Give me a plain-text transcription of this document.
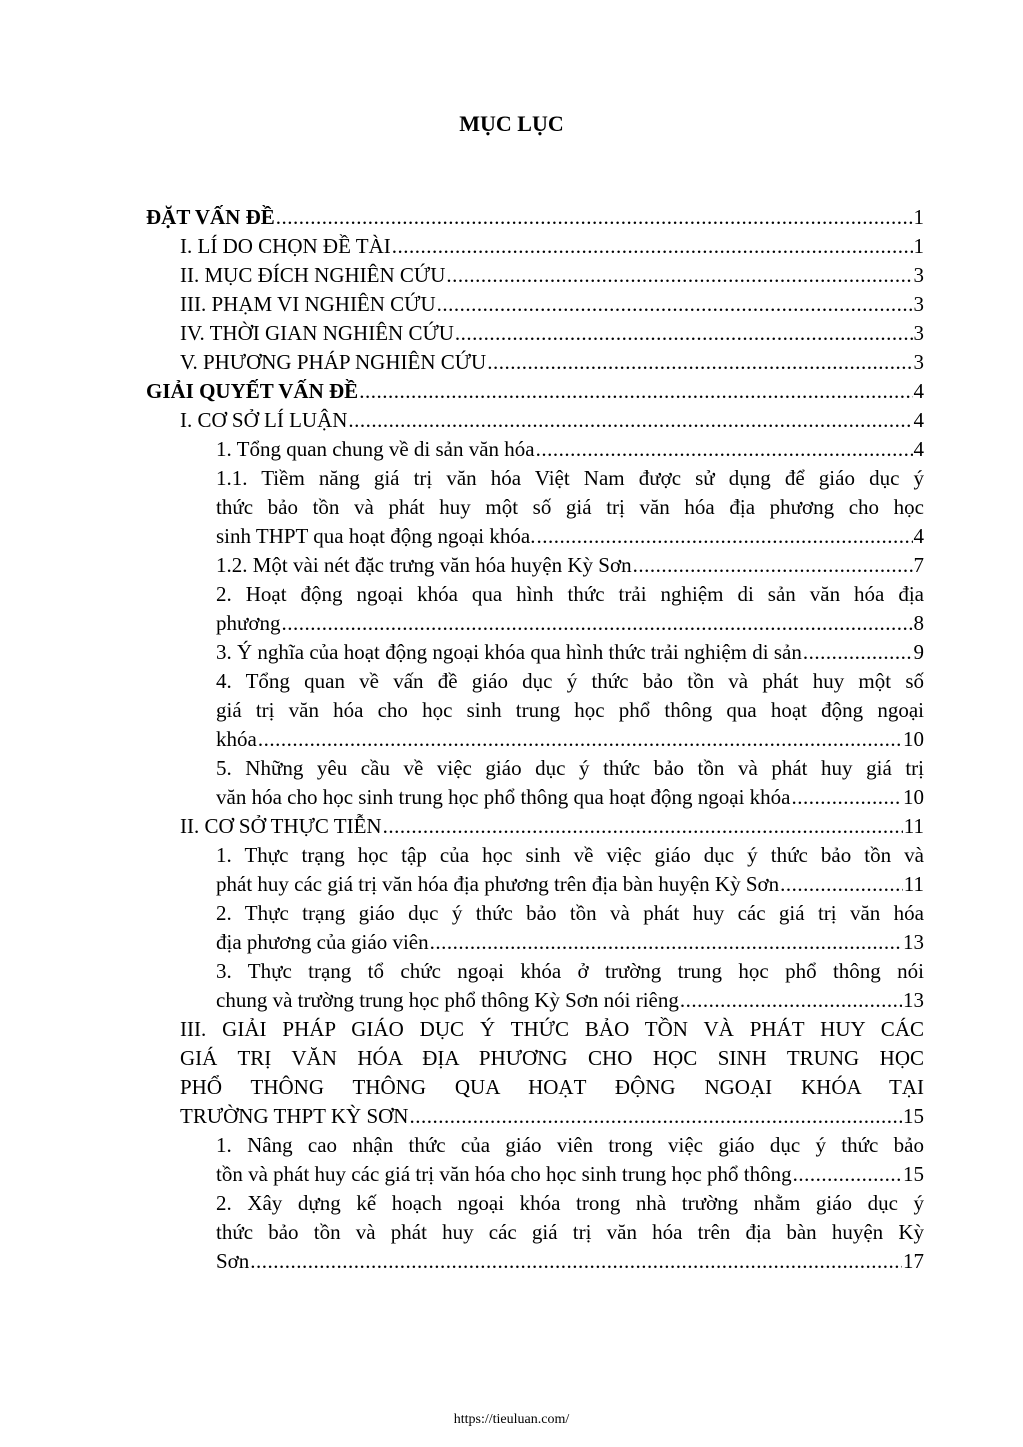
MỤC LỤC
ĐẶT VẤN ĐỀ .....	1
I. LÍ DO CHỌN ĐỀ TÀI .....	1
II. MỤC ĐÍCH NGHIÊN CỨU .....	3
III. PHẠM VI NGHIÊN CỨU .....	3
IV. THỜI GIAN NGHIÊN CỨU .....	3
V. PHƯƠNG PHÁP NGHIÊN CỨU .....	3
GIẢI QUYẾT VẤN ĐỀ .....	4
I. CƠ SỞ LÍ LUẬN .....	4
1. Tổng quan chung về di sản văn hóa .....	4
1.1. Tiềm năng giá trị văn hóa Việt Nam được sử dụng để giáo dục ý
thức bảo tồn và phát huy một số giá trị văn hóa địa phương cho học
sinh THPT qua hoạt động ngoại khóa. .....	4
1.2. Một vài nét đặc trưng văn hóa huyện Kỳ Sơn .....	7
2. Hoạt động ngoại khóa qua hình thức trải nghiệm di sản văn hóa địa
phương .....	8
3. Ý nghĩa của hoạt động ngoại khóa qua hình thức trải nghiệm di sản .....	9
4. Tổng quan về vấn đề giáo dục ý thức bảo tồn và phát huy một số
giá trị văn hóa cho học sinh trung học phổ thông qua hoạt động ngoại
khóa .....	10
5. Những yêu cầu về việc giáo dục ý thức bảo tồn và phát huy giá trị
văn hóa cho học sinh trung học phổ thông qua hoạt động ngoại khóa .....	10
II. CƠ SỞ THỰC TIỄN .....	11
1. Thực trạng học tập của học sinh về việc giáo dục ý thức bảo tồn và
phát huy các giá trị văn hóa địa phương trên địa bàn huyện Kỳ Sơn .....	11
2. Thực trạng giáo dục ý thức bảo tồn và phát huy các giá trị văn hóa
địa phương của giáo viên .....	13
3. Thực trạng tổ chức ngoại khóa ở trường trung học phổ thông nói
chung và trường trung học phổ thông Kỳ Sơn nói riêng .....	13
III. GIẢI PHÁP GIÁO DỤC Ý THỨC BẢO TỒN VÀ PHÁT HUY CÁC
GIÁ TRỊ VĂN HÓA ĐỊA PHƯƠNG CHO HỌC SINH TRUNG HỌC
PHỔ THÔNG THÔNG QUA HOẠT ĐỘNG NGOẠI KHÓA TẠI
TRƯỜNG THPT KỲ SƠN .....	15
1. Nâng cao nhận thức của giáo viên trong việc giáo dục ý thức bảo
tồn và phát huy các giá trị văn hóa cho học sinh trung học phổ thông .....	15
2. Xây dựng kế hoạch ngoại khóa trong nhà trường nhằm giáo dục ý
thức bảo tồn và phát huy các giá trị văn hóa trên địa bàn huyện Kỳ
Sơn .....	17
https://tieuluan.com/
